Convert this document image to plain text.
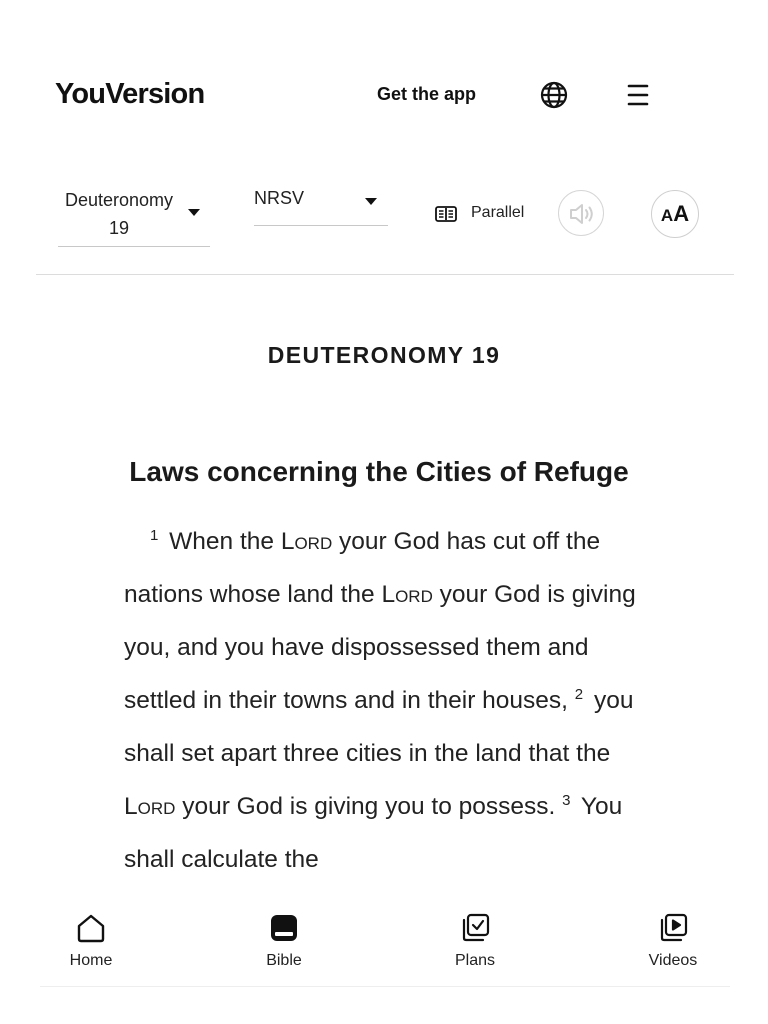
YouVersion	Get the app
Deuteronomy
19
NRSV
Parallel	AA
DEUTERONOMY 19
Laws concerning the Cities of Refuge

$^1$ When the Lord your God has cut off the nations whose land the Lord your God is giving you, and you have dispossessed them and settled in their towns and in their houses, $^2$ you shall set apart three cities in the land that the Lord your God is giving you to possess. $^3$ You shall calculate the

Home	Bible	Plans	Videos
